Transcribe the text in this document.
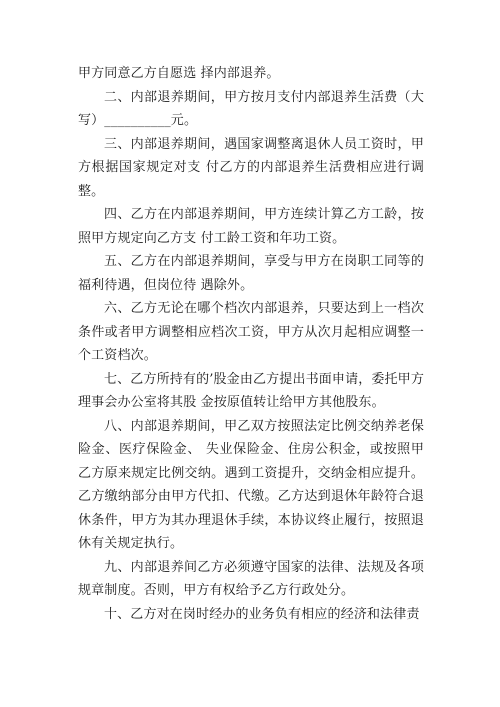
甲方同意乙方自愿选 择内部退养。

二、内部退养期间，甲方按月支付内部退养生活费（大写）__________元。

三、内部退养期间，遇国家调整离退休人员工资时，甲方根据国家规定对支 付乙方的内部退养生活费相应进行调整。

四、乙方在内部退养期间，甲方连续计算乙方工龄，按照甲方规定向乙方支 付工龄工资和年功工资。

五、乙方在内部退养期间，享受与甲方在岗职工同等的福利待遇，但岗位待 遇除外。

六、乙方无论在哪个档次内部退养，只要达到上一档次条件或者甲方调整相应档次工资，甲方从次月起相应调整一个工资档次。

七、乙方所持有的’股金由乙方提出书面申请，委托甲方理事会办公室将其股 金按原值转让给甲方其他股东。

八、内部退养期间，甲乙双方按照法定比例交纳养老保险金、医疗保险金、 失业保险金、住房公积金，或按照甲乙方原来规定比例交纳。遇到工资提升，交纳金相应提升。乙方缴纳部分由甲方代扣、代缴。乙方达到退休年龄符合退休条件，甲方为其办理退休手续，本协议终止履行，按照退休有关规定执行。

九、内部退养间乙方必须遵守国家的法律、法规及各项规章制度。否则，甲方有权给予乙方行政处分。

十、乙方对在岗时经办的业务负有相应的经济和法律责
